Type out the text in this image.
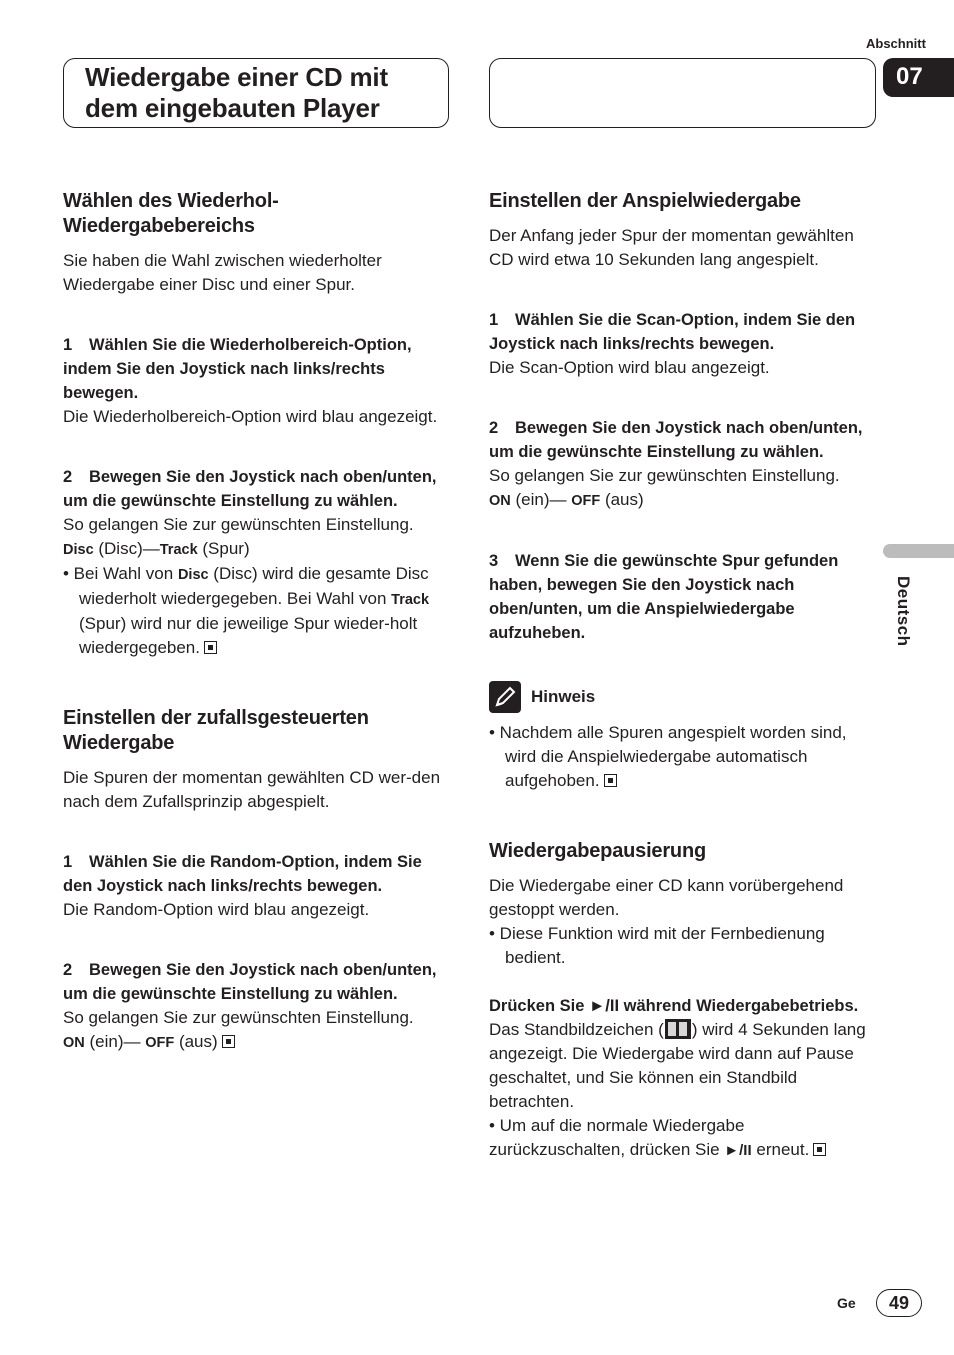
Abschnitt
07
Wiedergabe einer CD mit
dem eingebauten Player
Wählen des Wiederhol-
Wiedergabebereichs

Sie haben die Wahl zwischen wiederholter Wiedergabe einer Disc und einer Spur.

1 Wählen Sie die Wiederholbereich-Option, indem Sie den Joystick nach links/rechts bewegen.

Die Wiederholbereich-Option wird blau angezeigt.

2 Bewegen Sie den Joystick nach oben/unten, um die gewünschte Einstellung zu wählen.

So gelangen Sie zur gewünschten Einstellung.

Disc (Disc)—Track (Spur)

• Bei Wahl von Disc (Disc) wird die gesamte Disc wiederholt wiedergegeben. Bei Wahl von Track (Spur) wird nur die jeweilige Spur wieder-holt wiedergegeben.

Einstellen der zufallsgesteuerten
Wiedergabe

Die Spuren der momentan gewählten CD wer-den nach dem Zufallsprinzip abgespielt.

1 Wählen Sie die Random-Option, indem Sie den Joystick nach links/rechts bewegen.

Die Random-Option wird blau angezeigt.

2 Bewegen Sie den Joystick nach oben/unten, um die gewünschte Einstellung zu wählen.

So gelangen Sie zur gewünschten Einstellung.

ON (ein)— OFF (aus)

Einstellen der Anspielwiedergabe

Der Anfang jeder Spur der momentan gewählten CD wird etwa 10 Sekunden lang angespielt.

1 Wählen Sie die Scan-Option, indem Sie den Joystick nach links/rechts bewegen.

Die Scan-Option wird blau angezeigt.

2 Bewegen Sie den Joystick nach oben/unten, um die gewünschte Einstellung zu wählen.

So gelangen Sie zur gewünschten Einstellung.

ON (ein)— OFF (aus)

3 Wenn Sie die gewünschte Spur gefunden haben, bewegen Sie den Joystick nach oben/unten, um die Anspielwiedergabe aufzuheben.

Hinweis

• Nachdem alle Spuren angespielt worden sind, wird die Anspielwiedergabe automatisch aufgehoben.

Wiedergabepausierung

Die Wiedergabe einer CD kann vorübergehend gestoppt werden.

• Diese Funktion wird mit der Fernbedienung bedient.

Drücken Sie ►/II während Wiedergabebetriebs.

Das Standbildzeichen ( ) wird 4 Sekunden lang angezeigt. Die Wiedergabe wird dann auf Pause geschaltet, und Sie können ein Standbild betrachten.

• Um auf die normale Wiedergabe zurückzuschalten, drücken Sie ►/II erneut.

Deutsch
Ge	49
